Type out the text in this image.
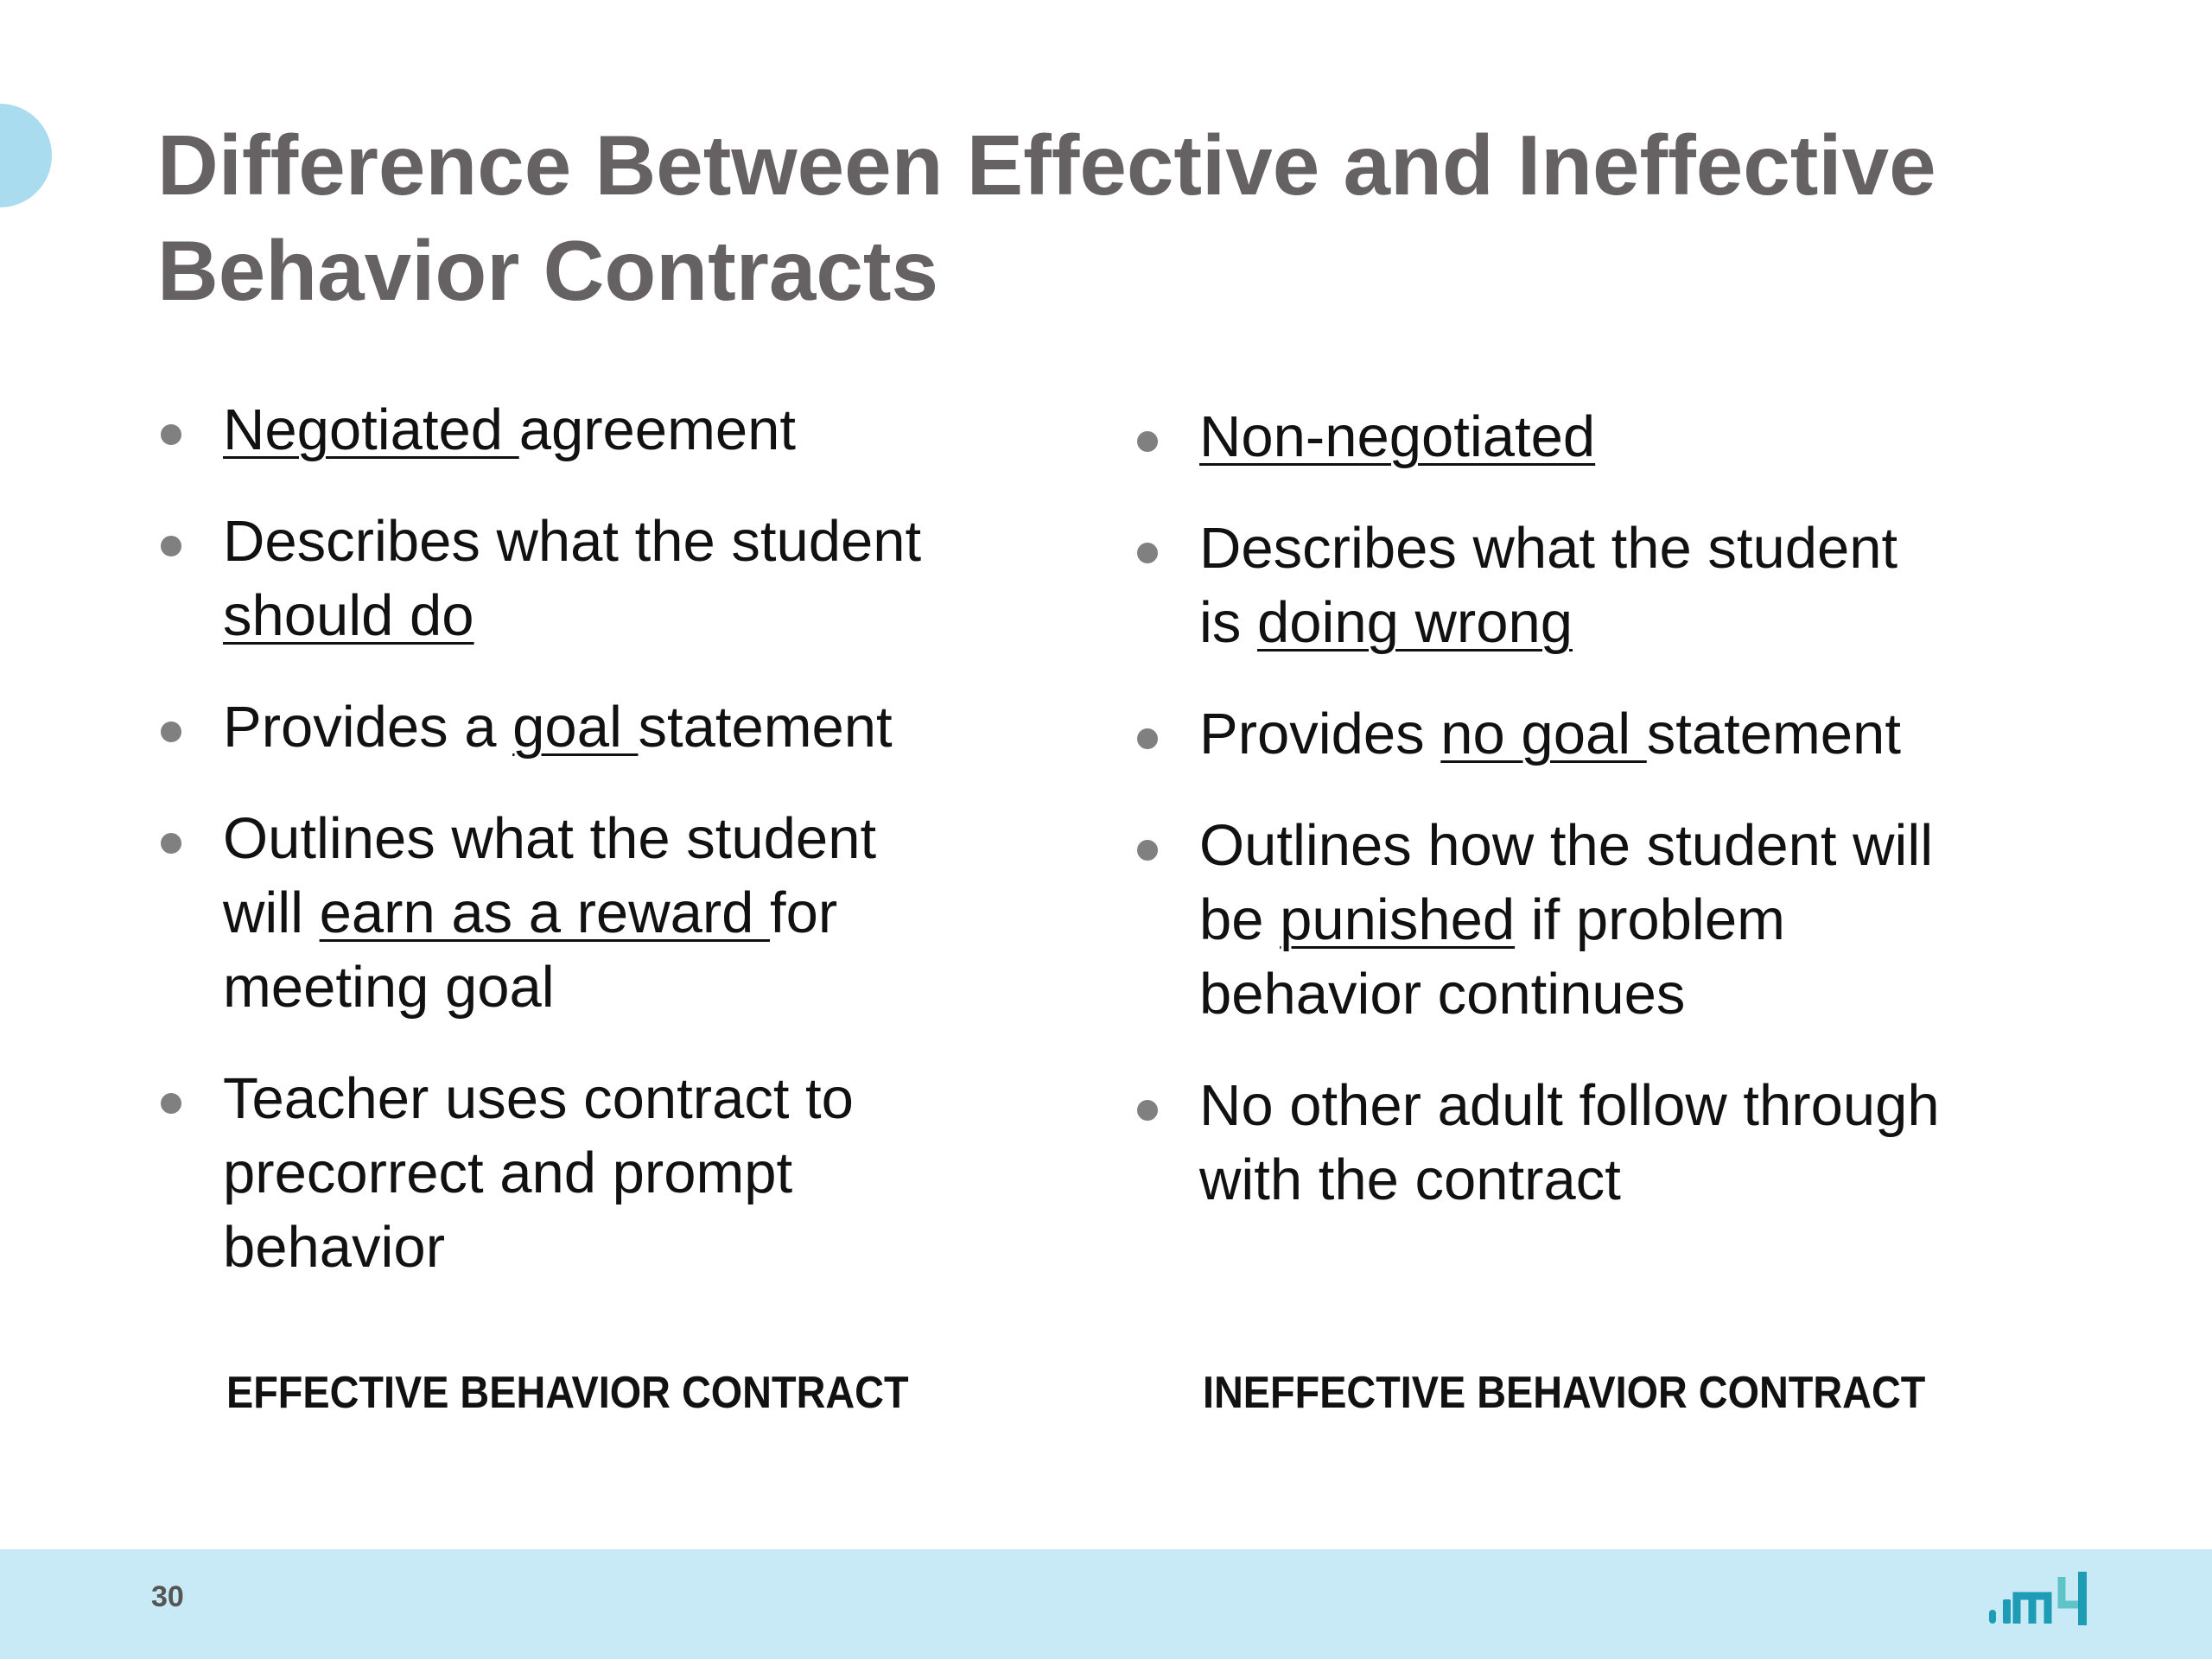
Difference Between Effective and Ineffective
Behavior Contracts
Negotiated agreement
Describes what the student
should do
Provides a goal statement
Outlines what the student
will earn as a reward for
meeting goal
Teacher uses contract to
precorrect and prompt
behavior
Non-negotiated
Describes what the student
is doing wrong
Provides no goal statement
Outlines how the student will
be punished if problem
behavior continues
No other adult follow through
with the contract

EFFECTIVE BEHAVIOR CONTRACT	INEFFECTIVE BEHAVIOR CONTRACT

30
